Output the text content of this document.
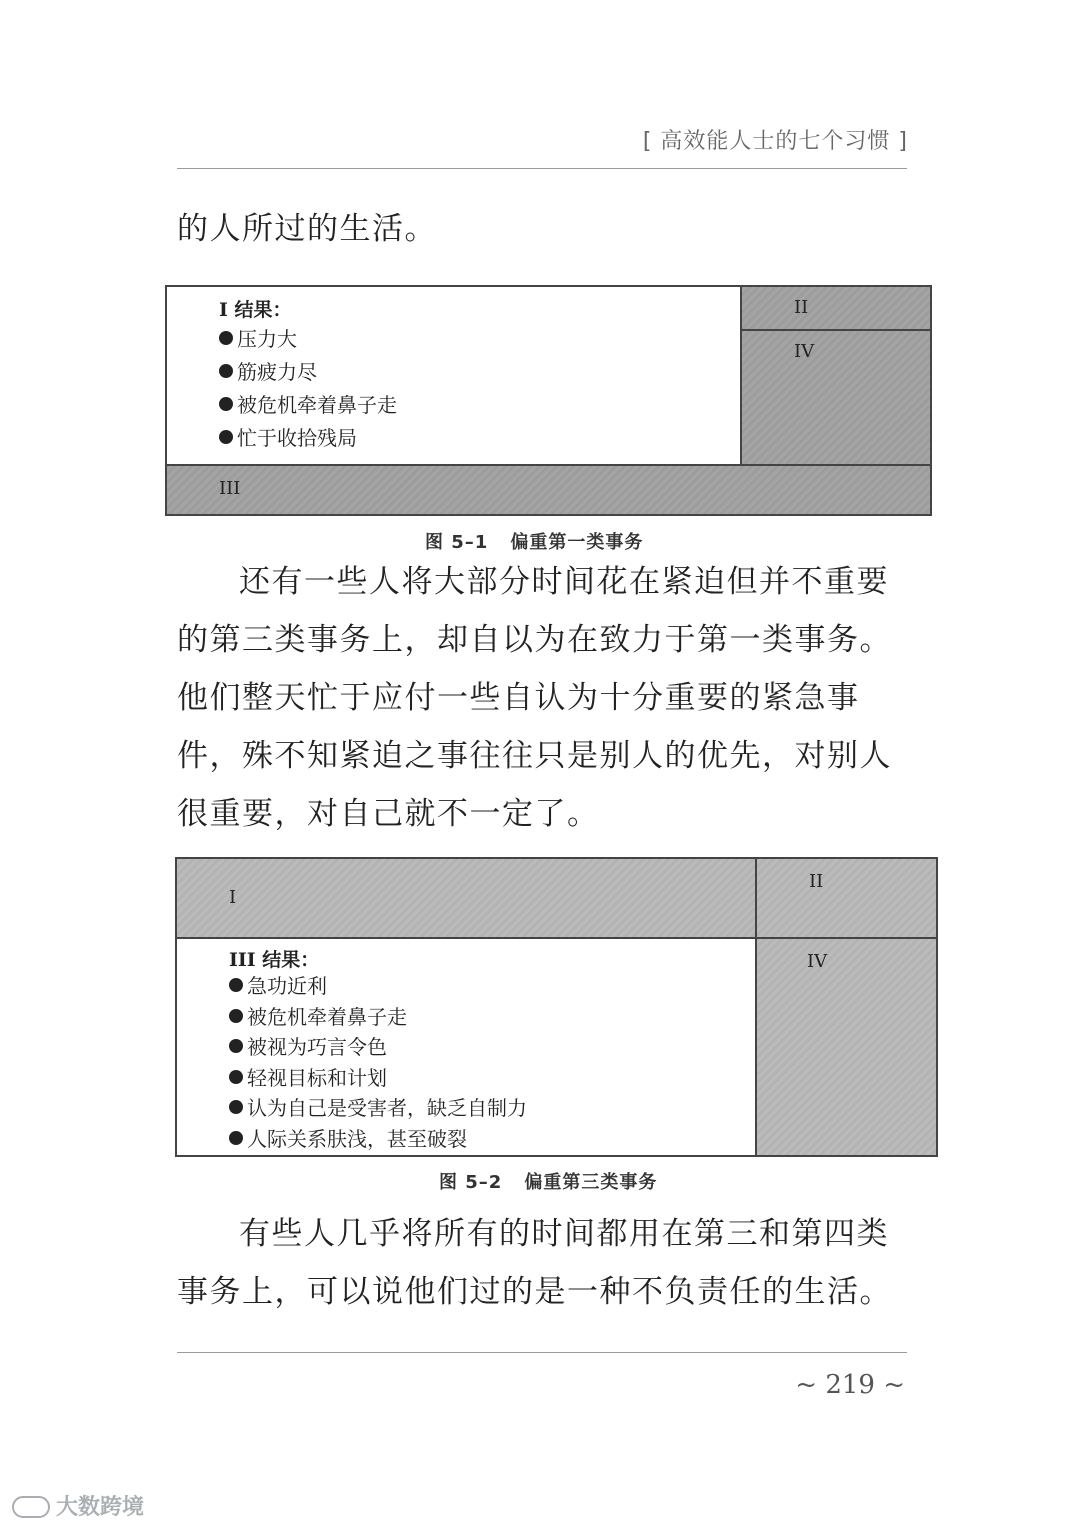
[ 高效能人士的七个习惯 ]

的人所过的生活。

I 结果：
压力大
筋疲力尽
被危机牵着鼻子走
忙于收拾残局
II
IV
III
图 5–1 偏重第一类事务

还有一些人将大部分时间花在紧迫但并不重要的第三类事务上，却自以为在致力于第一类事务。他们整天忙于应付一些自认为十分重要的紧急事件，殊不知紧迫之事往往只是别人的优先，对别人很重要，对自己就不一定了。

I
II
III 结果：
急功近利
被危机牵着鼻子走
被视为巧言令色
轻视目标和计划
认为自己是受害者，缺乏自制力
人际关系肤浅，甚至破裂
IV
图 5–2 偏重第三类事务

有些人几乎将所有的时间都用在第三和第四类事务上，可以说他们过的是一种不负责任的生活。

~ 219 ~
大数跨境
